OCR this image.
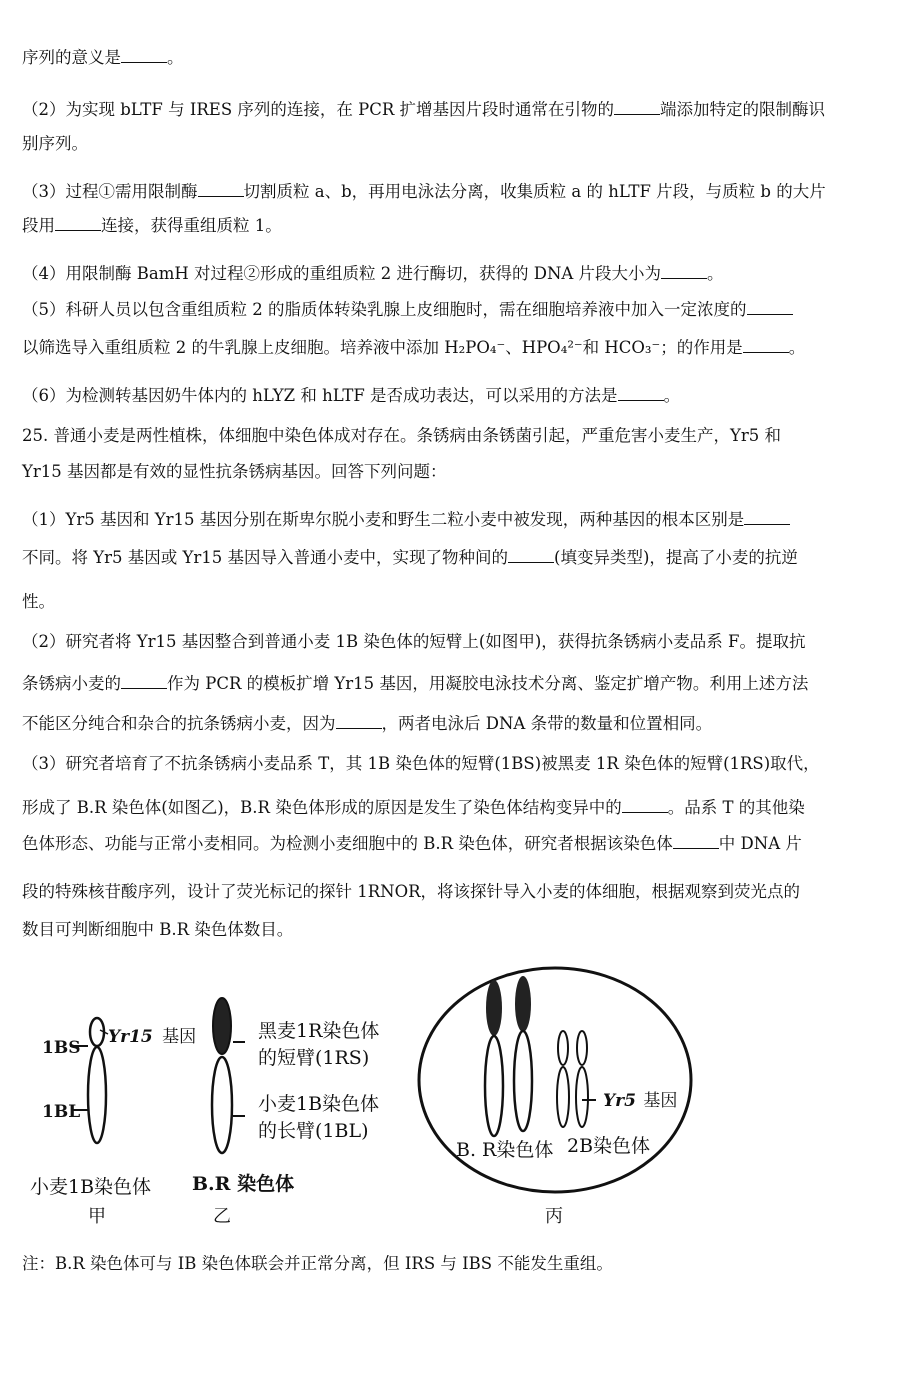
序列的意义是	。
（2）为实现 bLTF 与 IRES 序列的连接，在 PCR 扩增基因片段时通常在引物的	端添加特定的限制酶识
别序列。
（3）过程①需用限制酶	切割质粒 a、b，再用电泳法分离，收集质粒 a 的 hLTF 片段，与质粒 b 的大片
段用	连接，获得重组质粒 1。
（4）用限制酶 BamH 对过程②形成的重组质粒 2 进行酶切，获得的 DNA 片段大小为	。
（5）科研人员以包含重组质粒 2 的脂质体转染乳腺上皮细胞时，需在细胞培养液中加入一定浓度的
以筛选导入重组质粒 2 的牛乳腺上皮细胞。培养液中添加 H₂PO₄⁻、HPO₄²⁻和 HCO₃⁻；的作用是	。
（6）为检测转基因奶牛体内的 hLYZ 和 hLTF 是否成功表达，可以采用的方法是	。
25. 普通小麦是两性植株，体细胞中染色体成对存在。条锈病由条锈菌引起，严重危害小麦生产，Yr5 和
Yr15 基因都是有效的显性抗条锈病基因。回答下列问题：
（1）Yr5 基因和 Yr15 基因分别在斯卑尔脱小麦和野生二粒小麦中被发现，两种基因的根本区别是
不同。将 Yr5 基因或 Yr15 基因导入普通小麦中，实现了物种间的	(填变异类型)，提高了小麦的抗逆
性。
（2）研究者将 Yr15 基因整合到普通小麦 1B 染色体的短臂上(如图甲)，获得抗条锈病小麦品系 F。提取抗
条锈病小麦的	作为 PCR 的模板扩增 Yr15 基因，用凝胶电泳技术分离、鉴定扩增产物。利用上述方法
不能区分纯合和杂合的抗条锈病小麦，因为	，两者电泳后 DNA 条带的数量和位置相同。
（3）研究者培育了不抗条锈病小麦品系 T，其 1B 染色体的短臂(1BS)被黑麦 1R 染色体的短臂(1RS)取代，
形成了 B.R 染色体(如图乙)，B.R 染色体形成的原因是发生了染色体结构变异中的	。品系 T 的其他染
色体形态、功能与正常小麦相同。为检测小麦细胞中的 B.R 染色体，研究者根据该染色体	中 DNA 片
段的特殊核苷酸序列，设计了荧光标记的探针 1RNOR，将该探针导入小麦的体细胞，根据观察到荧光点的
数目可判断细胞中 B.R 染色体数目。
1BS
1BL
Yr15 基因
小麦1B染色体
甲
黑麦1R染色体
的短臂(1RS)
小麦1B染色体
的长臂(1BL)
B.R 染色体
乙
Yr5 基因
B. R染色体 2B染色体
丙
注：B.R 染色体可与 IB 染色体联会并正常分离，但 IRS 与 IBS 不能发生重组。
